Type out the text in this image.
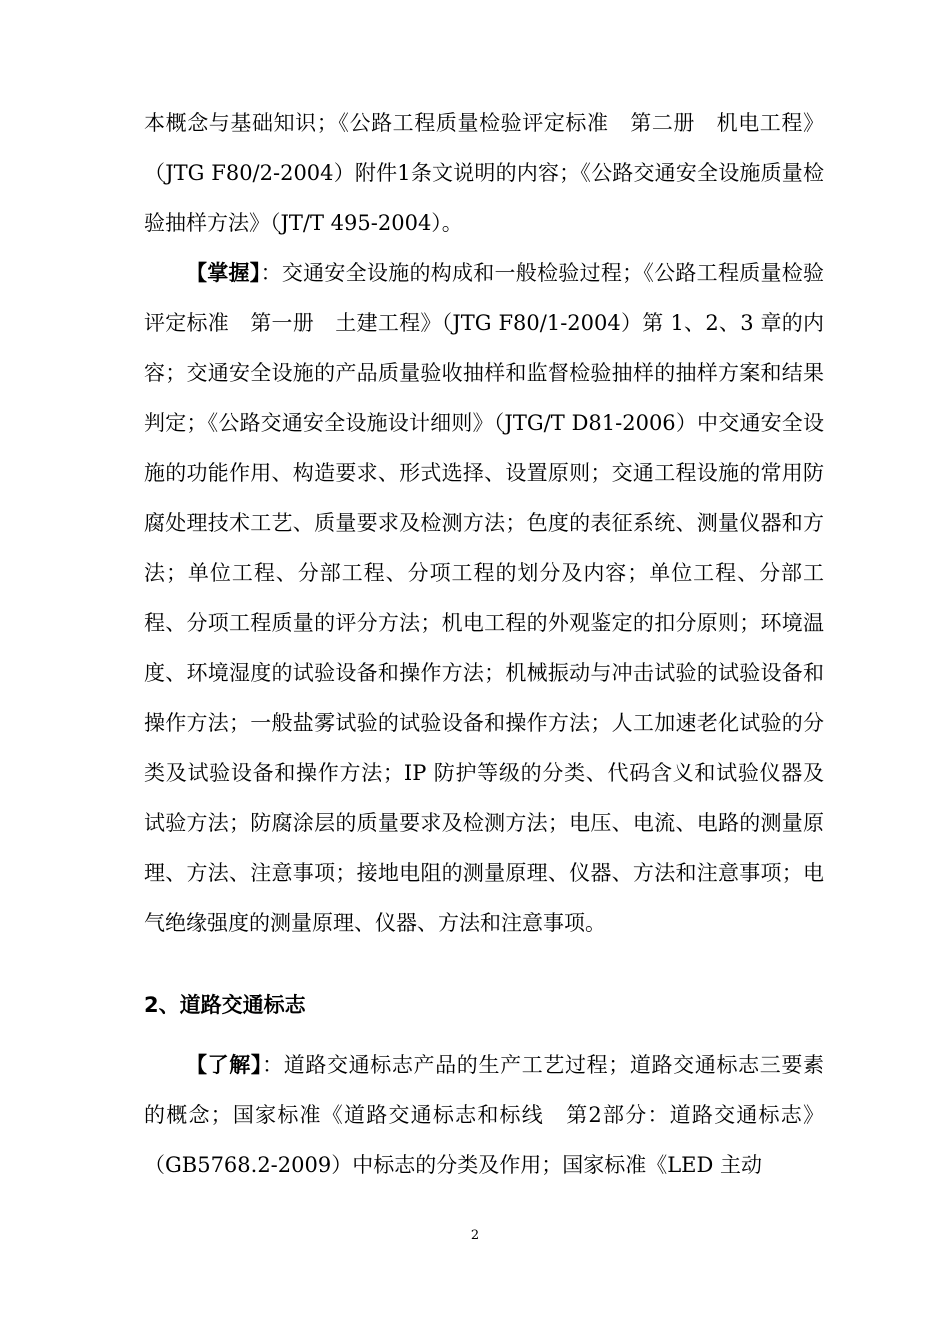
本概念与基础知识；《公路工程质量检验评定标准　第二册　机电工程》（JTG F80/2-2004）附件1条文说明的内容；《公路交通安全设施质量检验抽样方法》（JT/T 495-2004）。

【掌握】：交通安全设施的构成和一般检验过程；《公路工程质量检验评定标准　第一册　土建工程》（JTG F80/1-2004）第 1、2、3 章的内容；交通安全设施的产品质量验收抽样和监督检验抽样的抽样方案和结果判定；《公路交通安全设施设计细则》（JTG/T D81-2006）中交通安全设施的功能作用、构造要求、形式选择、设置原则；交通工程设施的常用防腐处理技术工艺、质量要求及检测方法；色度的表征系统、测量仪器和方法；单位工程、分部工程、分项工程的划分及内容；单位工程、分部工程、分项工程质量的评分方法；机电工程的外观鉴定的扣分原则；环境温度、环境湿度的试验设备和操作方法；机械振动与冲击试验的试验设备和操作方法；一般盐雾试验的试验设备和操作方法；人工加速老化试验的分类及试验设备和操作方法；IP 防护等级的分类、代码含义和试验仪器及试验方法；防腐涂层的质量要求及检测方法；电压、电流、电路的测量原理、方法、注意事项；接地电阻的测量原理、仪器、方法和注意事项；电气绝缘强度的测量原理、仪器、方法和注意事项。

2、道路交通标志

【了解】：道路交通标志产品的生产工艺过程；道路交通标志三要素的概念；国家标准《道路交通标志和标线　第2部分：道路交通标志》（GB5768.2-2009）中标志的分类及作用；国家标准《LED 主动

2
